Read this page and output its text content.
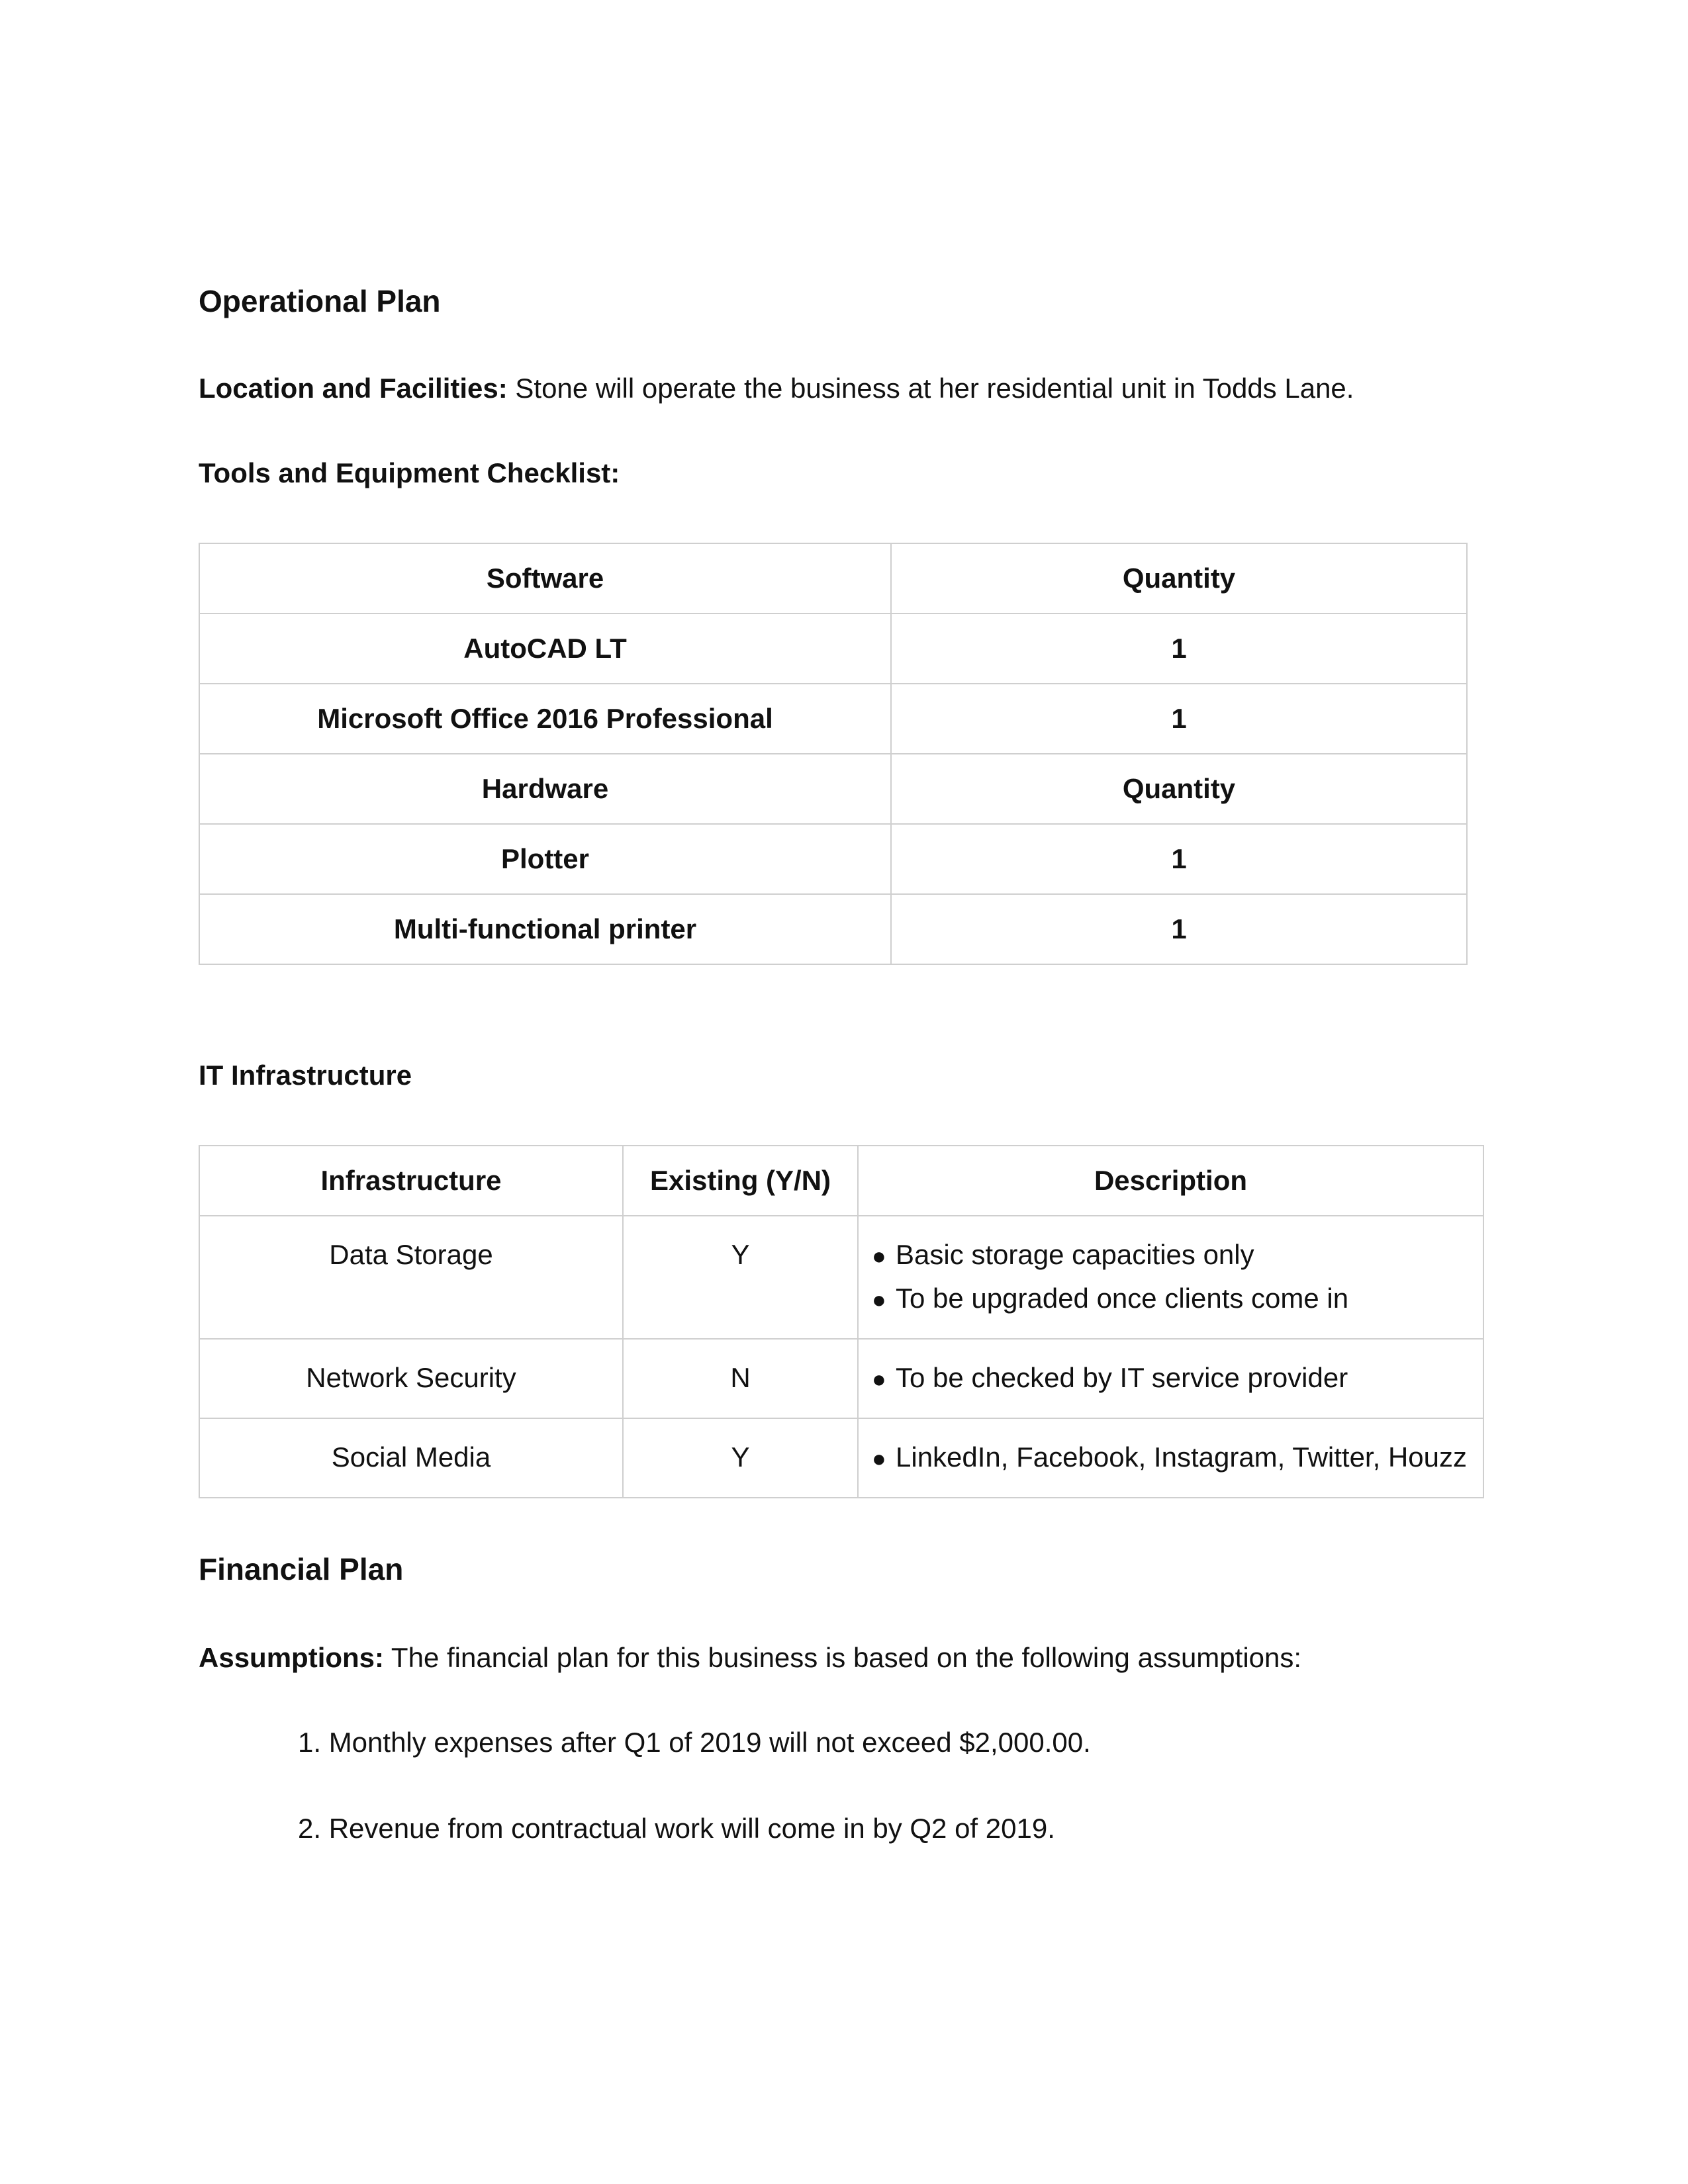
Operational Plan

Location and Facilities: Stone will operate the business at her residential unit in Todds Lane.

Tools and Equipment Checklist:

Software	Quantity
AutoCAD LT	1
Microsoft Office 2016 Professional	1
Hardware	Quantity
Plotter	1
Multi-functional printer	1

IT Infrastructure

Infrastructure	Existing (Y/N)	Description
Data Storage	Y	● Basic storage capacities only
● To be upgraded once clients come in

Network Security	N	● To be checked by IT service provider

Social Media	Y	● LinkedIn, Facebook, Instagram, Twitter, Houzz
Financial Plan

Assumptions: The financial plan for this business is based on the following assumptions:

1. Monthly expenses after Q1 of 2019 will not exceed $2,000.00.

2. Revenue from contractual work will come in by Q2 of 2019.
